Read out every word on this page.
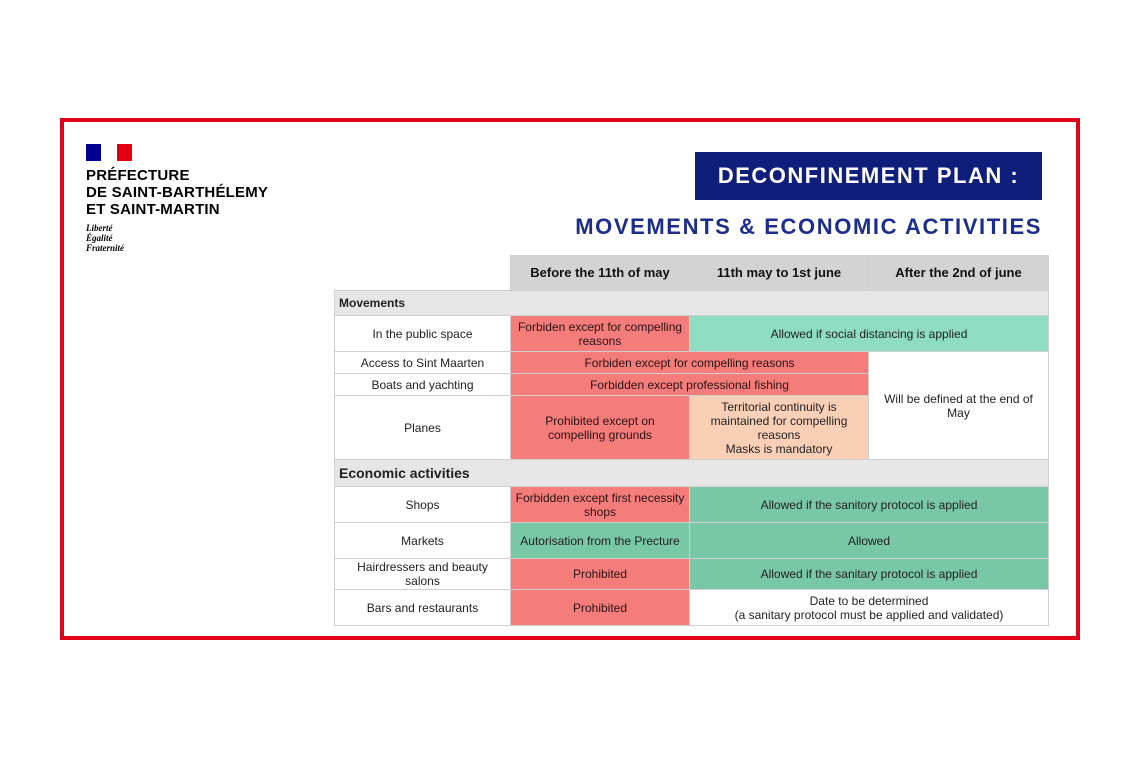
PRÉFECTURE
DE SAINT-BARTHÉLEMY
ET SAINT-MARTIN
Liberté
Égalité
Fraternité
DECONFINEMENT PLAN :
MOVEMENTS & ECONOMIC ACTIVITIES
	Before the 11th of may	11th may to 1st june	After the 2nd of june
Movements			
In the public space	Forbiden except for compelling reasons	Allowed if social distancing is applied	
Access to Sint Maarten	Forbiden except for compelling reasons		Will be defined at the end of May
Boats and yachting	Forbidden except professional fishing		
Planes	Prohibited except on compelling grounds	Territorial continuity is maintained for compelling reasons
Masks is mandatory	

Economic activities			
Shops	Forbidden except first necessity shops	Allowed if the sanitory protocol is applied	
Markets	Autorisation from the Precture	Allowed	
Hairdressers and beauty salons	Prohibited	Allowed if the sanitary protocol is applied	
Bars and restaurants	Prohibited	Date to be determined
(a sanitary protocol must be applied and validated)	
